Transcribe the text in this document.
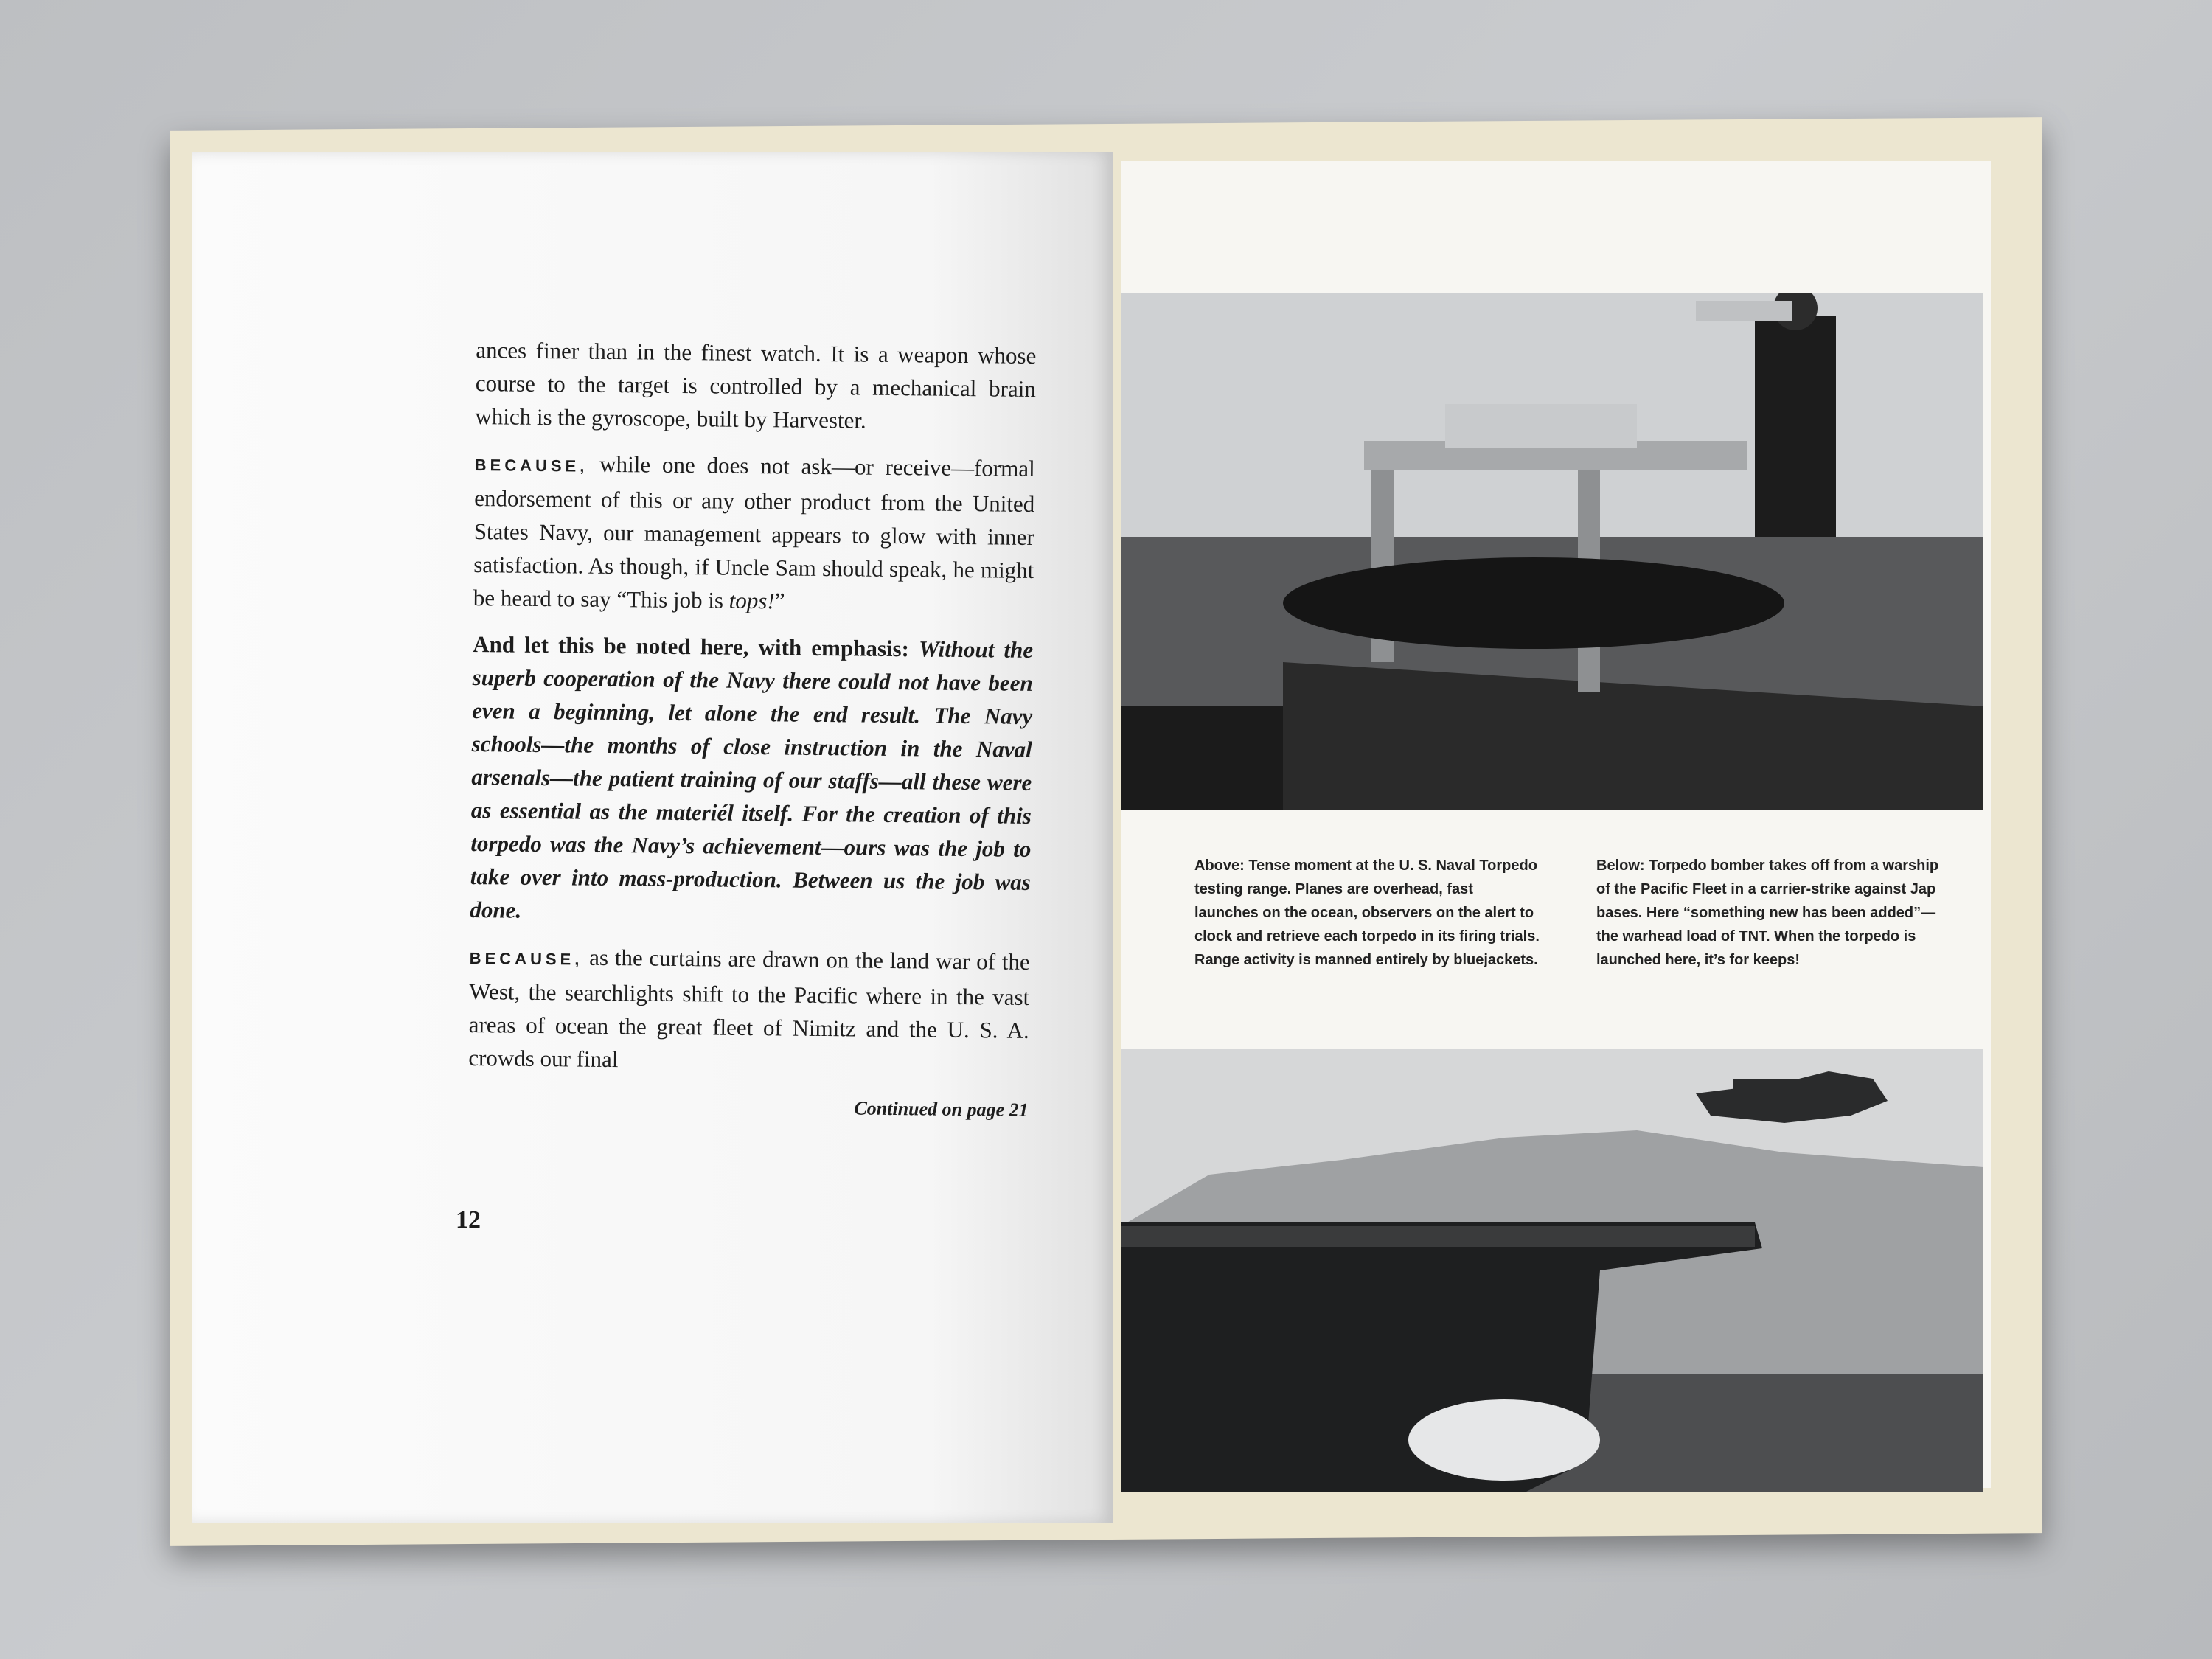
ances finer than in the finest watch. It is a weapon whose course to the target is controlled by a mechanical brain which is the gyroscope, built by Harvester.

BECAUSE, while one does not ask—or receive—formal endorsement of this or any other product from the United States Navy, our management appears to glow with inner satisfaction. As though, if Uncle Sam should speak, he might be heard to say “This job is tops!”

And let this be noted here, with emphasis: Without the superb cooperation of the Navy there could not have been even a beginning, let alone the end result. The Navy schools—the months of close instruction in the Naval arsenals—the patient training of our staffs—all these were as essential as the materiél itself. For the creation of this torpedo was the Navy’s achievement—ours was the job to take over into mass-production. Between us the job was done.

BECAUSE, as the curtains are drawn on the land war of the West, the searchlights shift to the Pacific where in the vast areas of ocean the great fleet of Nimitz and the U. S. A. crowds our final

Continued on page 21
12
Above: Tense moment at the U. S. Naval Torpedo testing range. Planes are overhead, fast launches on the ocean, observers on the alert to clock and retrieve each torpedo in its firing trials. Range activity is manned entirely by bluejackets.
Below: Torpedo bomber takes off from a warship of the Pacific Fleet in a carrier-strike against Jap bases. Here “something new has been added”—the warhead load of TNT. When the torpedo is launched here, it’s for keeps!
